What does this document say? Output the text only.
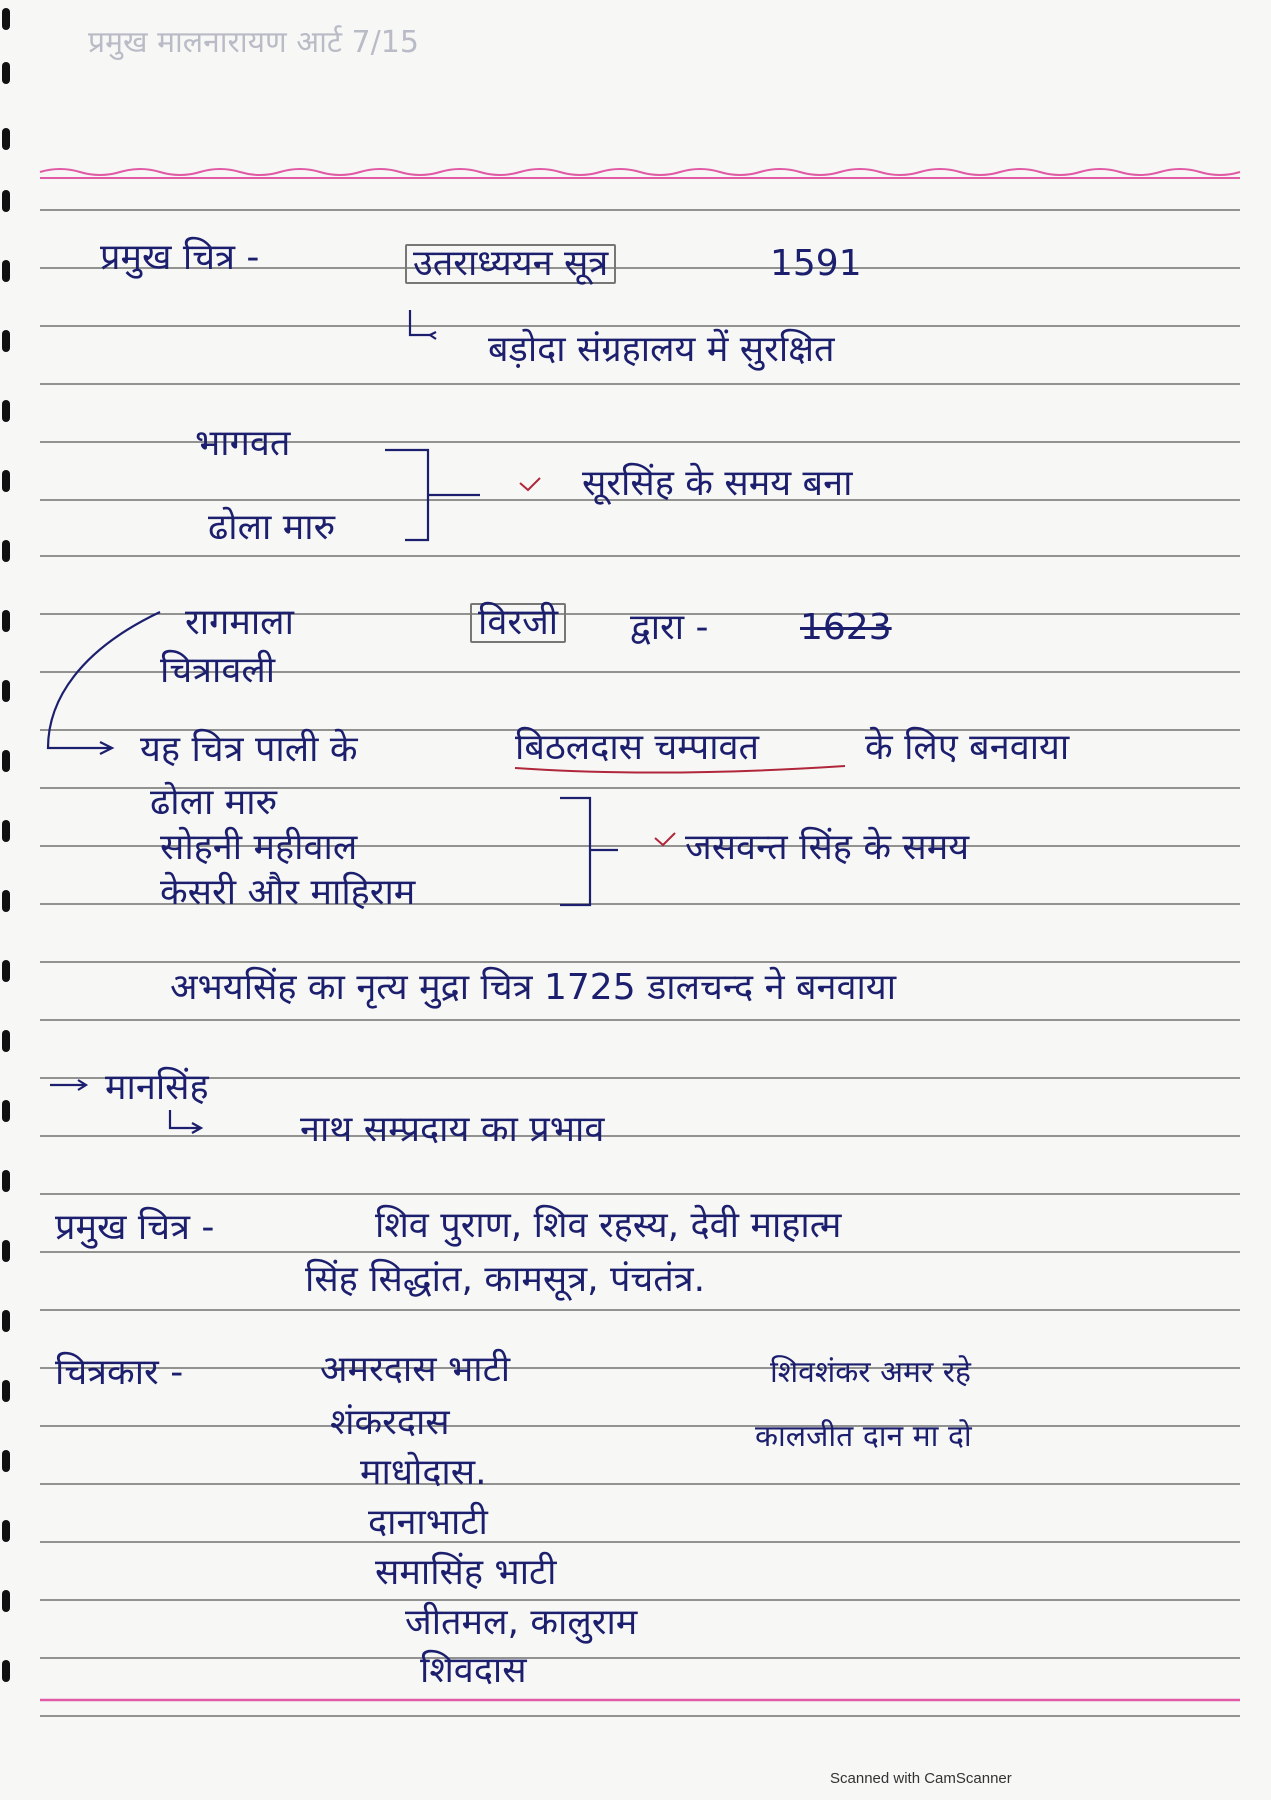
प्रमुख मालनारायण आर्ट 7/15
प्रमुख चित्र -	उतराध्ययन सूत्र	1591
बड़ोदा संग्रहालय में सुरक्षित
भागवत
ढोला मारु
सूरसिंह के समय बना
रागमाला
चित्रावली
विरजी द्वारा -	1623
यह चित्र पाली के	बिठलदास चम्पावत	के लिए बनवाया
ढोला मारु
सोहनी महीवाल
केसरी और माहिराम
जसवन्त सिंह के समय
अभयसिंह का नृत्य मुद्रा चित्र 1725 डालचन्द ने बनवाया
मानसिंह
नाथ सम्प्रदाय का प्रभाव
प्रमुख चित्र -	शिव पुराण, शिव रहस्य, देवी माहात्म
सिंह सिद्धांत, कामसूत्र, पंचतंत्र.
चित्रकार -	अमरदास भाटी	शिवशंकर अमर रहे
शंकरदास	कालजीत दान मा दो
माधोदास.
दानाभाटी
समासिंह भाटी
जीतमल, कालुराम
शिवदास
Scanned with CamScanner
